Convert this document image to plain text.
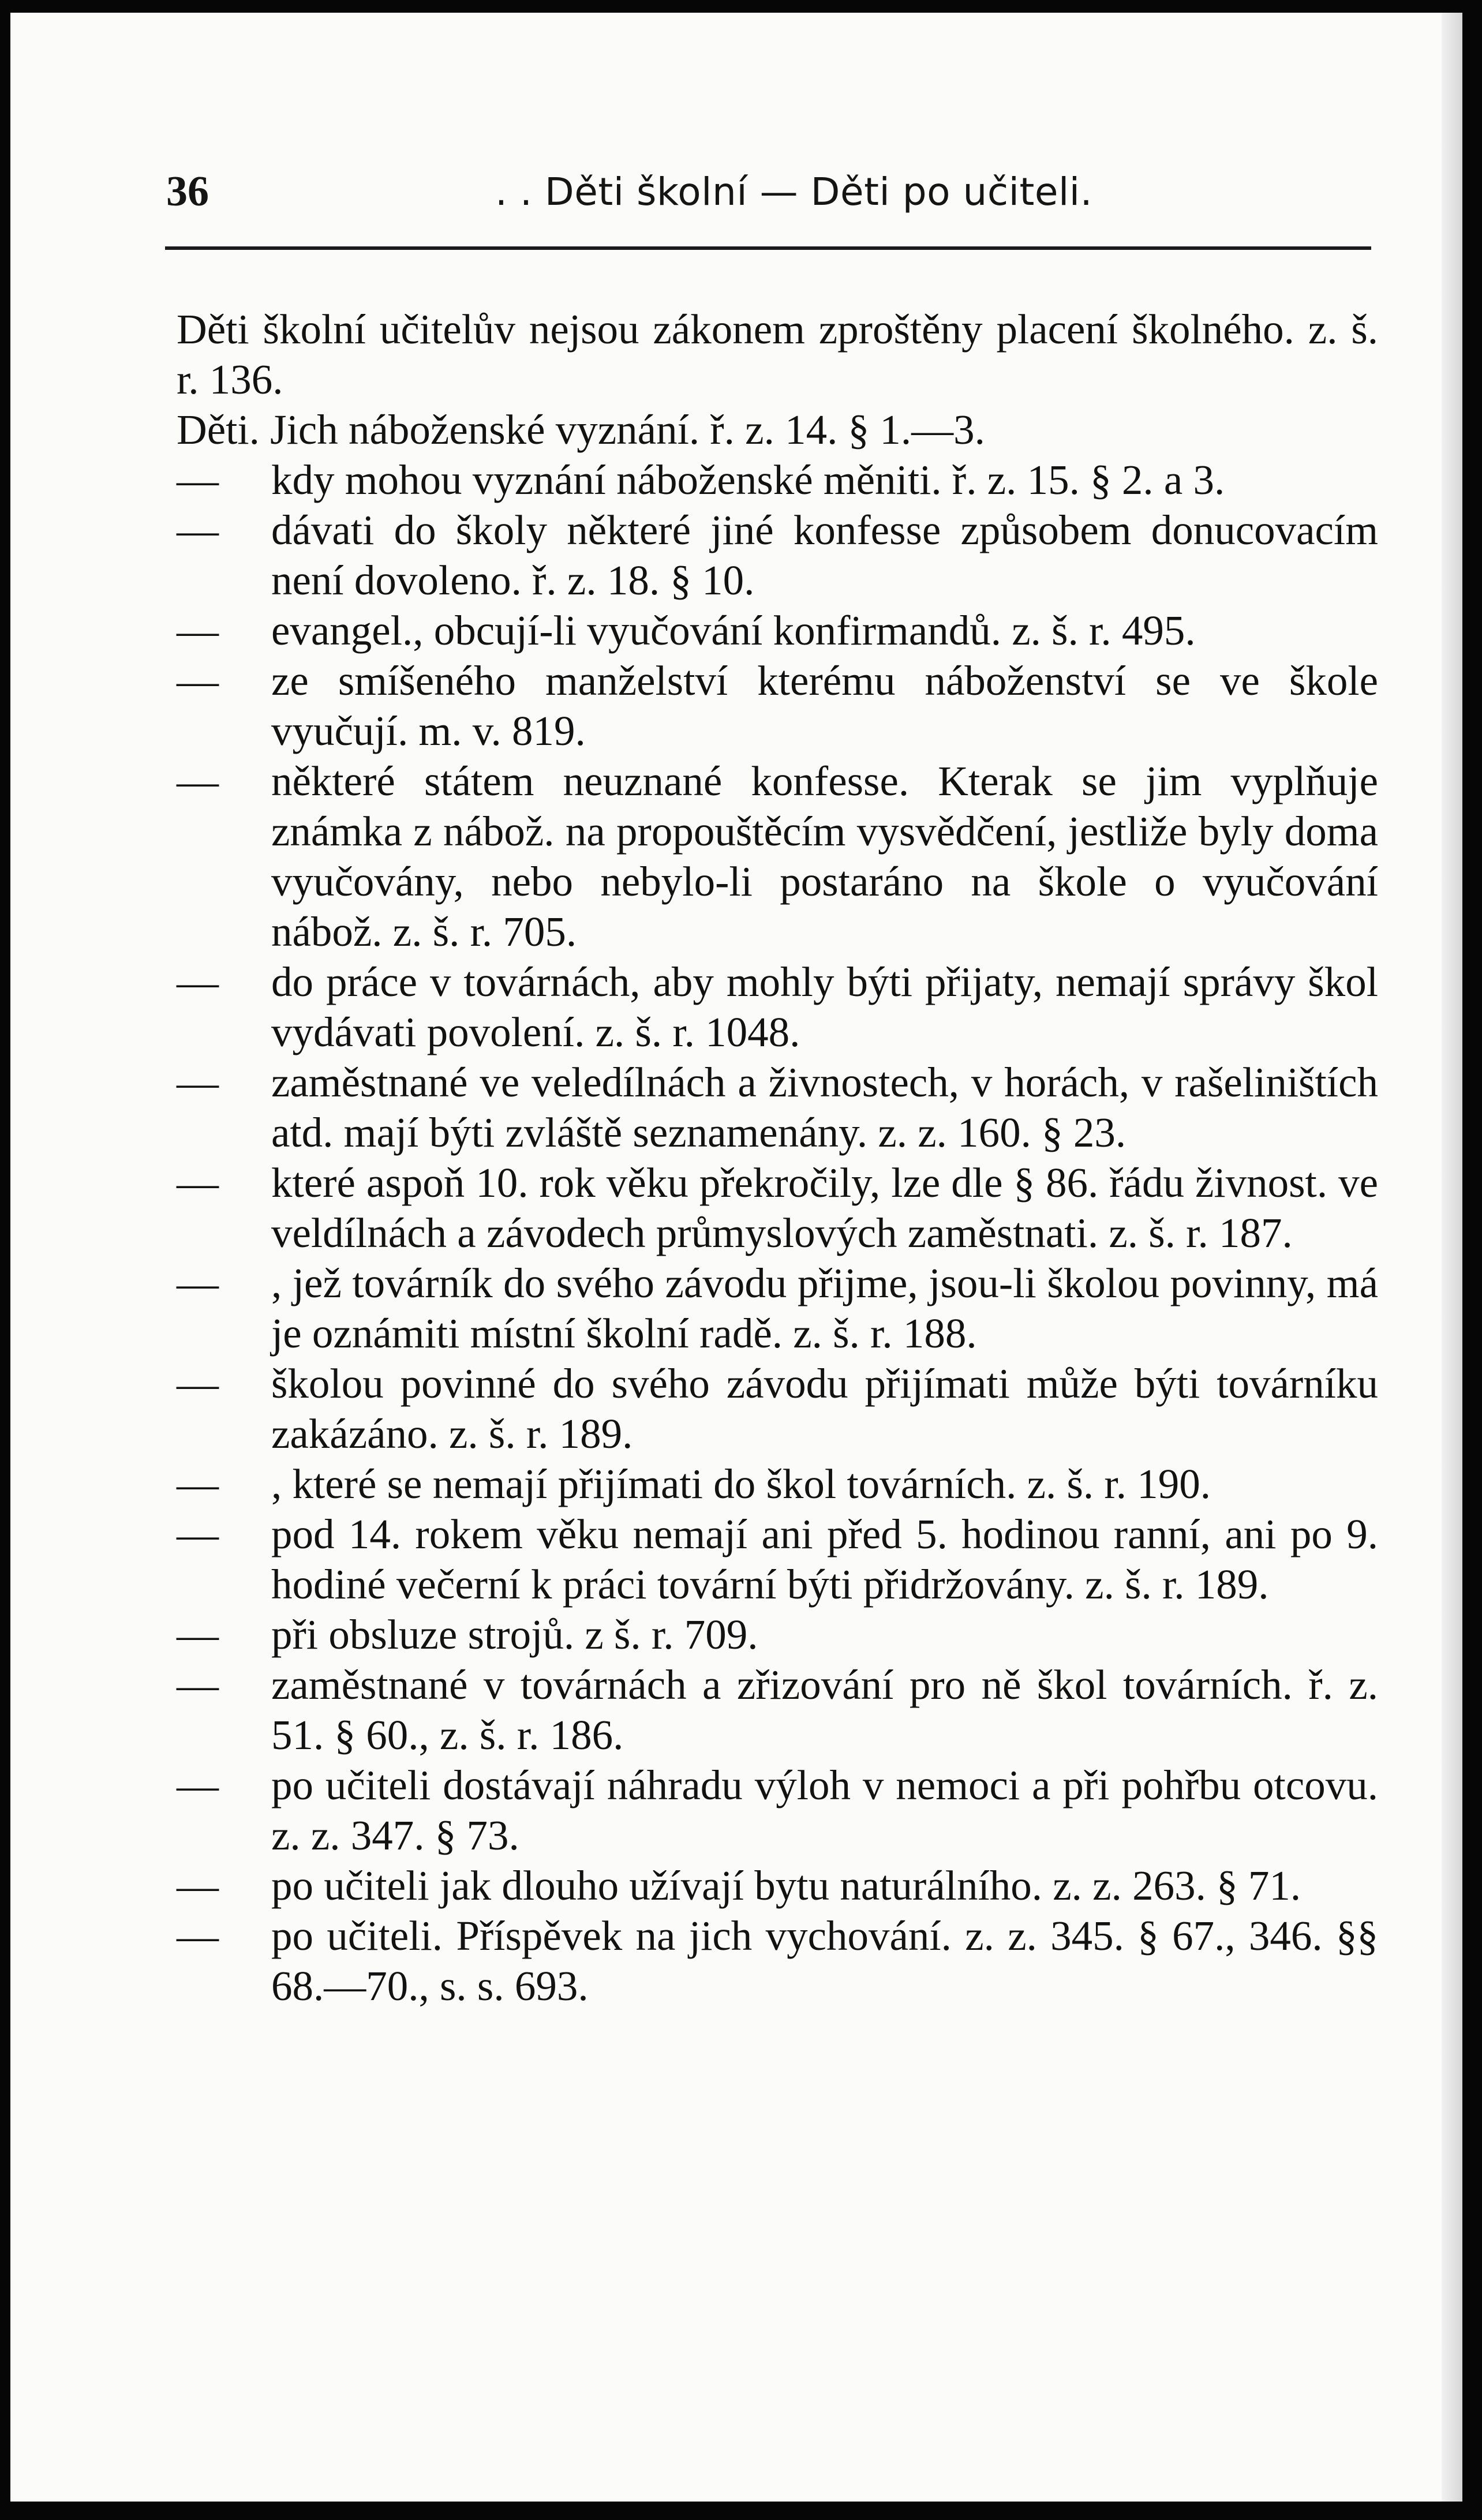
36	. . Děti školní — Děti po učiteli.

Děti školní učitelův nejsou zákonem zproštěny placení školného. z. š. r. 136.

Děti. Jich náboženské vyznání. ř. z. 14. § 1.—3.

—	kdy mohou vyznání náboženské měniti. ř. z. 15. § 2. a 3.

—	dávati do školy některé jiné konfesse způsobem donucovacím není dovoleno. ř. z. 18. § 10.

—	evangel., obcují-li vyučování konfirmandů. z. š. r. 495.

—	ze smíšeného manželství kterému náboženství se ve škole vyučují. m. v. 819.

—	některé státem neuznané konfesse. Kterak se jim vyplňuje známka z nábož. na propouštěcím vysvědčení, jestliže byly doma vyučovány, nebo nebylo-li postaráno na škole o vyučování nábož. z. š. r. 705.

—	do práce v továrnách, aby mohly býti přijaty, nemají správy škol vydávati povolení. z. š. r. 1048.

—	zaměstnané ve veledílnách a živnostech, v horách, v rašeliništích atd. mají býti zvláště seznamenány. z. z. 160. § 23.

—	které aspoň 10. rok věku překročily, lze dle § 86. řádu živnost. ve veldílnách a závodech průmyslových zaměstnati. z. š. r. 187.

—	, jež továrník do svého závodu přijme, jsou-li školou povinny, má je oznámiti místní školní radě. z. š. r. 188.

—	školou povinné do svého závodu přijímati může býti továrníku zakázáno. z. š. r. 189.

—	, které se nemají přijímati do škol továrních. z. š. r. 190.

—	pod 14. rokem věku nemají ani před 5. hodinou ranní, ani po 9. hodiné večerní k práci tovární býti přidržovány. z. š. r. 189.

—	při obsluze strojů. z š. r. 709.

—	zaměstnané v továrnách a zřizování pro ně škol továrních. ř. z. 51. § 60., z. š. r. 186.

—	po učiteli dostávají náhradu výloh v nemoci a při pohřbu otcovu. z. z. 347. § 73.

—	po učiteli jak dlouho užívají bytu naturálního. z. z. 263. § 71.

—	po učiteli. Příspěvek na jich vychování. z. z. 345. § 67., 346. §§ 68.—70., s. s. 693.
